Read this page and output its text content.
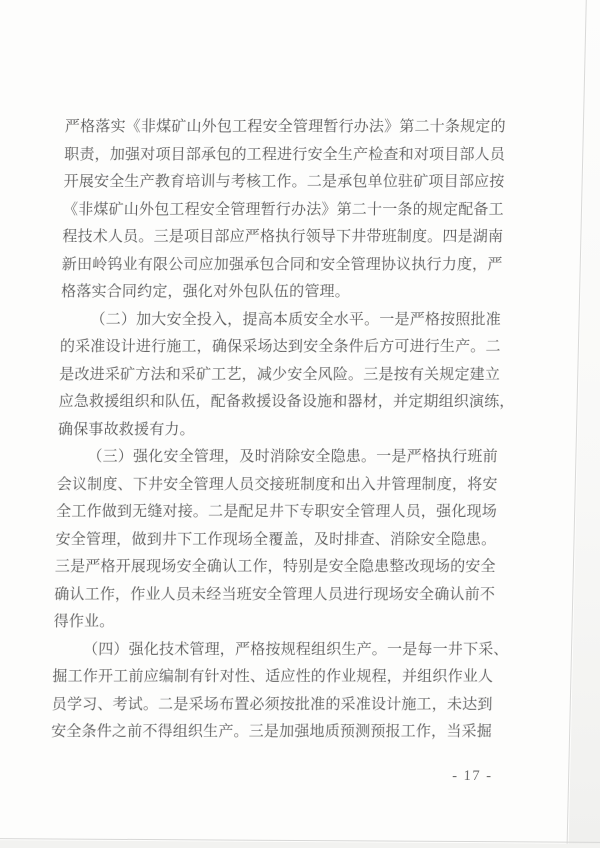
严格落实《非煤矿山外包工程安全管理暂行办法》第二十条规定的
职责，加强对项目部承包的工程进行安全生产检查和对项目部人员
开展安全生产教育培训与考核工作。二是承包单位驻矿项目部应按
《非煤矿山外包工程安全管理暂行办法》第二十一条的规定配备工
程技术人员。三是项目部应严格执行领导下井带班制度。四是湖南
新田岭钨业有限公司应加强承包合同和安全管理协议执行力度，严
格落实合同约定，强化对外包队伍的管理。
（二）加大安全投入，提高本质安全水平。一是严格按照批准
的采准设计进行施工，确保采场达到安全条件后方可进行生产。二
是改进采矿方法和采矿工艺，减少安全风险。三是按有关规定建立
应急救援组织和队伍，配备救援设备设施和器材，并定期组织演练，
确保事故救援有力。
（三）强化安全管理，及时消除安全隐患。一是严格执行班前
会议制度、下井安全管理人员交接班制度和出入井管理制度，将安
全工作做到无缝对接。二是配足井下专职安全管理人员，强化现场
安全管理，做到井下工作现场全覆盖，及时排查、消除安全隐患。
三是严格开展现场安全确认工作，特别是安全隐患整改现场的安全
确认工作，作业人员未经当班安全管理人员进行现场安全确认前不
得作业。
（四）强化技术管理，严格按规程组织生产。一是每一井下采、
掘工作开工前应编制有针对性、适应性的作业规程，并组织作业人
员学习、考试。二是采场布置必须按批准的采准设计施工，未达到
安全条件之前不得组织生产。三是加强地质预测预报工作，当采掘
- 17 -
